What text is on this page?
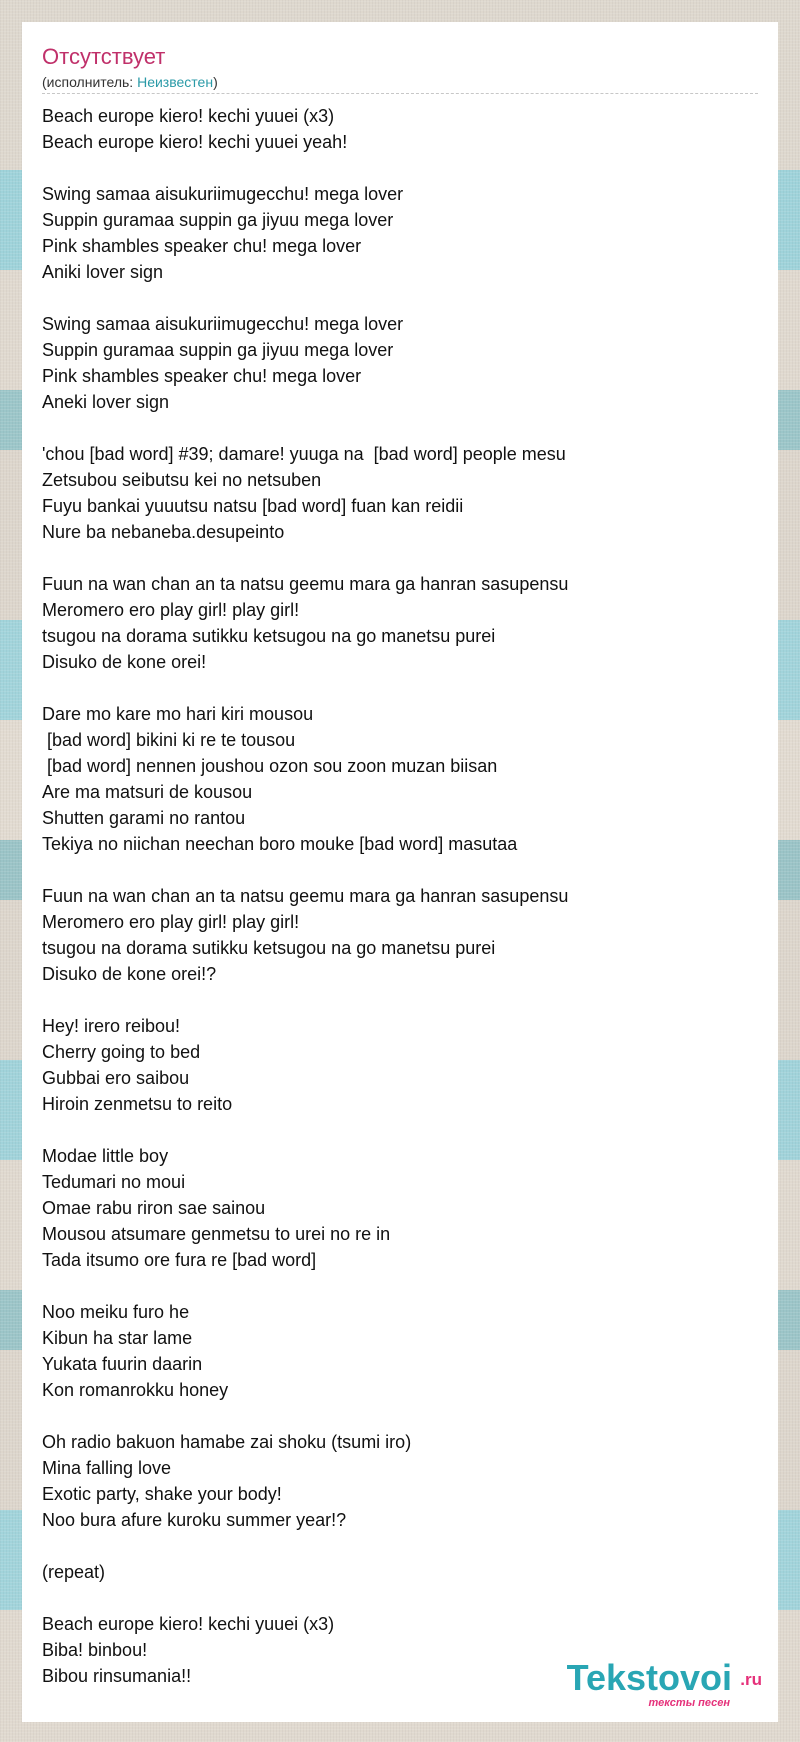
Отсутствует
(исполнитель: Неизвестен)
Beach europe kiero! kechi yuuei (x3)
Beach europe kiero! kechi yuuei yeah!
Swing samaa aisukuriimugecchu! mega lover
Suppin guramaa suppin ga jiyuu mega lover
Pink shambles speaker chu! mega lover
Aniki lover sign
Swing samaa aisukuriimugecchu! mega lover
Suppin guramaa suppin ga jiyuu mega lover
Pink shambles speaker chu! mega lover
Aneki lover sign
'chou [bad word] #39; damare! yuuga na  [bad word] people mesu
Zetsubou seibutsu kei no netsuben
Fuyu bankai yuuutsu natsu [bad word] fuan kan reidii
Nure ba nebaneba.desupeinto
Fuun na wan chan an ta natsu geemu mara ga hanran sasupensu
Meromero ero play girl! play girl!
tsugou na dorama sutikku ketsugou na go manetsu purei
Disuko de kone orei!
Dare mo kare mo hari kiri mousou
[bad word] bikini ki re te tousou
[bad word] nennen joushou ozon sou zoon muzan biisan
Are ma matsuri de kousou
Shutten garami no rantou
Tekiya no niichan neechan boro mouke [bad word] masutaa
Fuun na wan chan an ta natsu geemu mara ga hanran sasupensu
Meromero ero play girl! play girl!
tsugou na dorama sutikku ketsugou na go manetsu purei
Disuko de kone orei!?
Hey! irero reibou!
Cherry going to bed
Gubbai ero saibou
Hiroin zenmetsu to reito
Modae little boy
Tedumari no moui
Omae rabu riron sae sainou
Mousou atsumare genmetsu to urei no re in
Tada itsumo ore fura re [bad word]
Noo meiku furo he
Kibun ha star lame
Yukata fuurin daarin
Kon romanrokku honey
Oh radio bakuon hamabe zai shoku (tsumi iro)
Mina falling love
Exotic party, shake your body!
Noo bura afure kuroku summer year!?
(repeat)
Beach europe kiero! kechi yuuei (x3)
Biba! binbou!
Bibou rinsumania!!	Tekstovoi .ru
тексты песен
